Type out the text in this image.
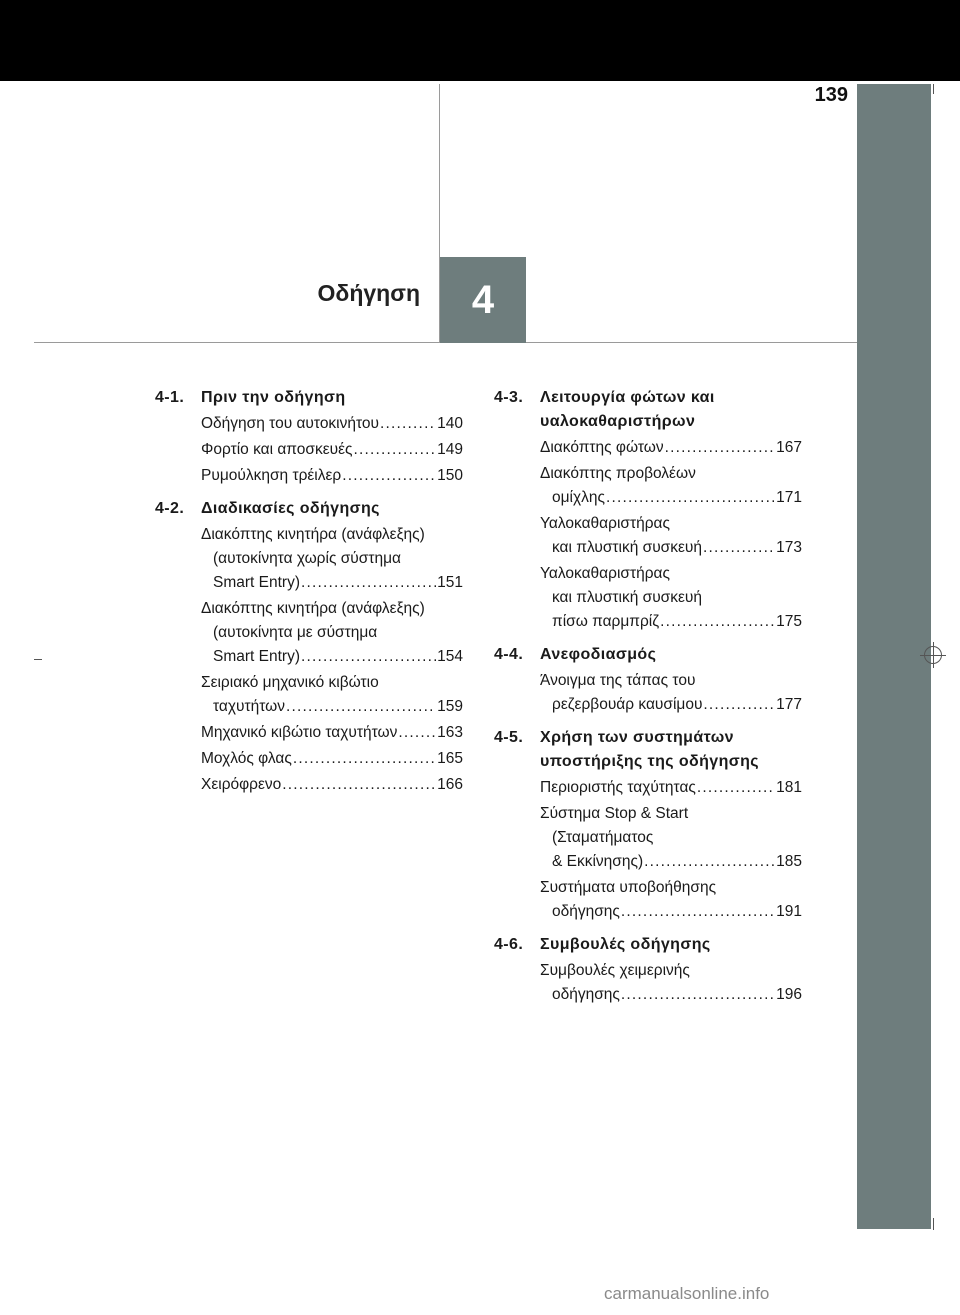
139
4
Οδήγηση
4-1. Πριν την οδήγηση
Οδήγηση του αυτοκινήτου .....	140
Φορτίο και αποσκευές .....	149
Ρυμούλκηση τρέιλερ .....	150
4-2. Διαδικασίες οδήγησης
Διακόπτης κινητήρα (ανάφλεξης)
(αυτοκίνητα χωρίς σύστημα
Smart Entry) .....	151
Διακόπτης κινητήρα (ανάφλεξης)
(αυτοκίνητα με σύστημα
Smart Entry) .....	154
Σειριακό μηχανικό κιβώτιο
ταχυτήτων .....	159
Μηχανικό κιβώτιο ταχυτήτων .....	163
Μοχλός φλας .....	165
Χειρόφρενο .....	166
4-3. Λειτουργία φώτων και
υαλοκαθαριστήρων
Διακόπτης φώτων .....	167
Διακόπτης προβολέων
ομίχλης .....	171
Υαλοκαθαριστήρας
και πλυστική συσκευή .....	173
Υαλοκαθαριστήρας
και πλυστική συσκευή
πίσω παρμπρίζ .....	175
4-4. Ανεφοδιασμός
Άνοιγμα της τάπας του
ρεζερβουάρ καυσίμου .....	177
4-5. Χρήση των συστημάτων
υποστήριξης της οδήγησης
Περιοριστής ταχύτητας .....	181
Σύστημα Stop & Start
(Σταματήματος
& Εκκίνησης) .....	185
Συστήματα υποβοήθησης
οδήγησης .....	191
4-6. Συμβουλές οδήγησης
Συμβουλές χειμερινής
οδήγησης .....	196
carmanualsonline.info
